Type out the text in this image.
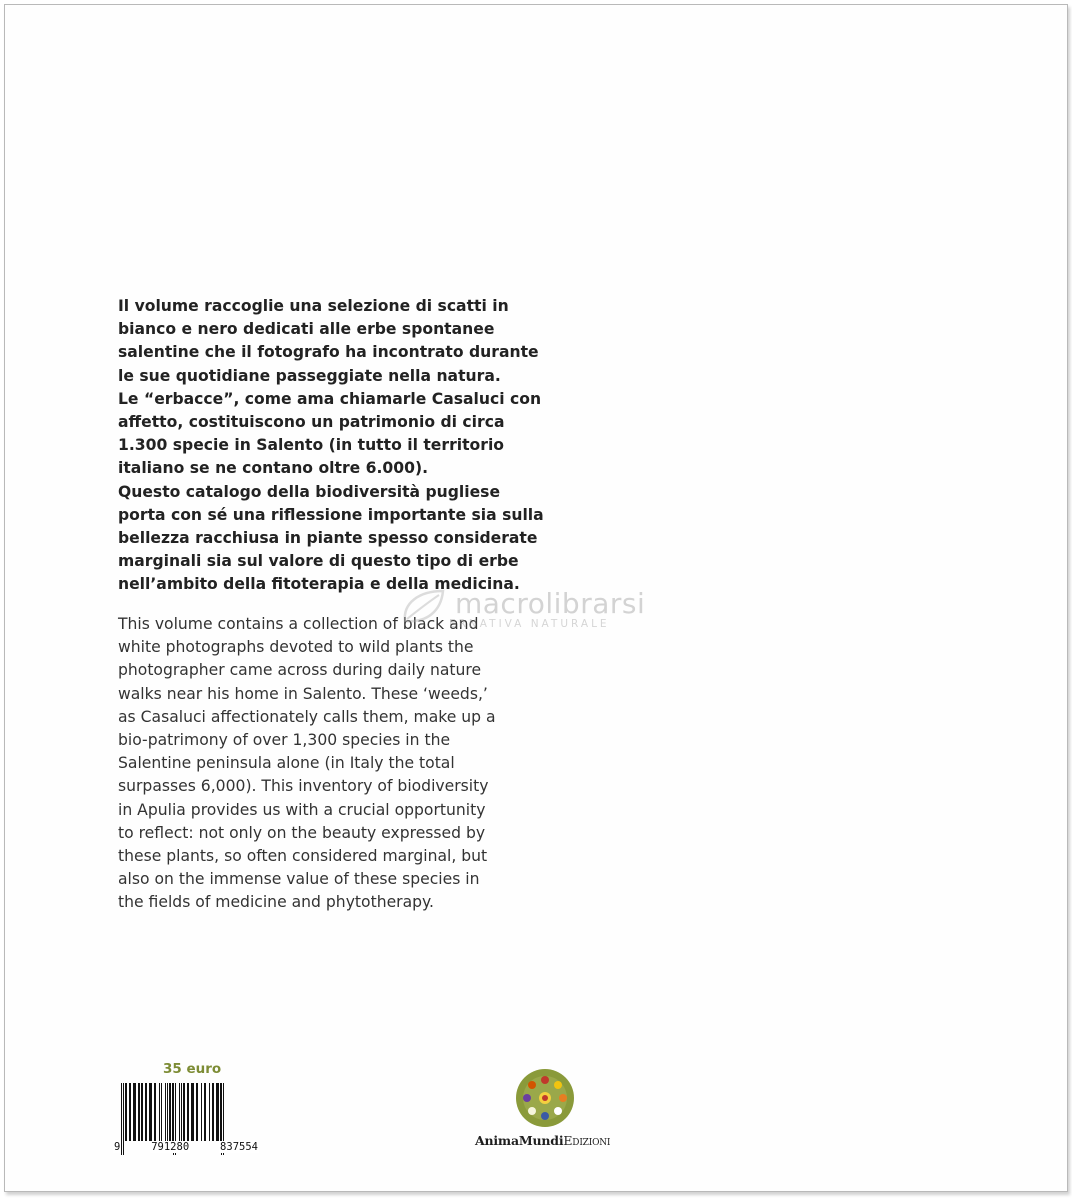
Il volume raccoglie una selezione di scatti in
bianco e nero dedicati alle erbe spontanee
salentine che il fotografo ha incontrato durante
le sue quotidiane passeggiate nella natura.
Le “erbacce”, come ama chiamarle Casaluci con
affetto, costituiscono un patrimonio di circa
1.300 specie in Salento (in tutto il territorio
italiano se ne contano oltre 6.000).
Questo catalogo della biodiversità pugliese
porta con sé una riflessione importante sia sulla
bellezza racchiusa in piante spesso considerate
marginali sia sul valore di questo tipo di erbe
nell’ambito della fitoterapia e della medicina.
This volume contains a collection of black and
white photographs devoted to wild plants the
photographer came across during daily nature
walks near his home in Salento. These ‘weeds,’
as Casaluci affectionately calls them, make up a
bio-patrimony of over 1,300 species in the
Salentine peninsula alone (in Italy the total
surpasses 6,000). This inventory of biodiversity
in Apulia provides us with a crucial opportunity
to reflect: not only on the beauty expressed by
these plants, so often considered marginal, but
also on the immense value of these species in
the fields of medicine and phytotherapy.
macrolibrarsi
ERNATIVA NATURALE
35 euro
9	791280	837554	AnimaMundiEdizioni
